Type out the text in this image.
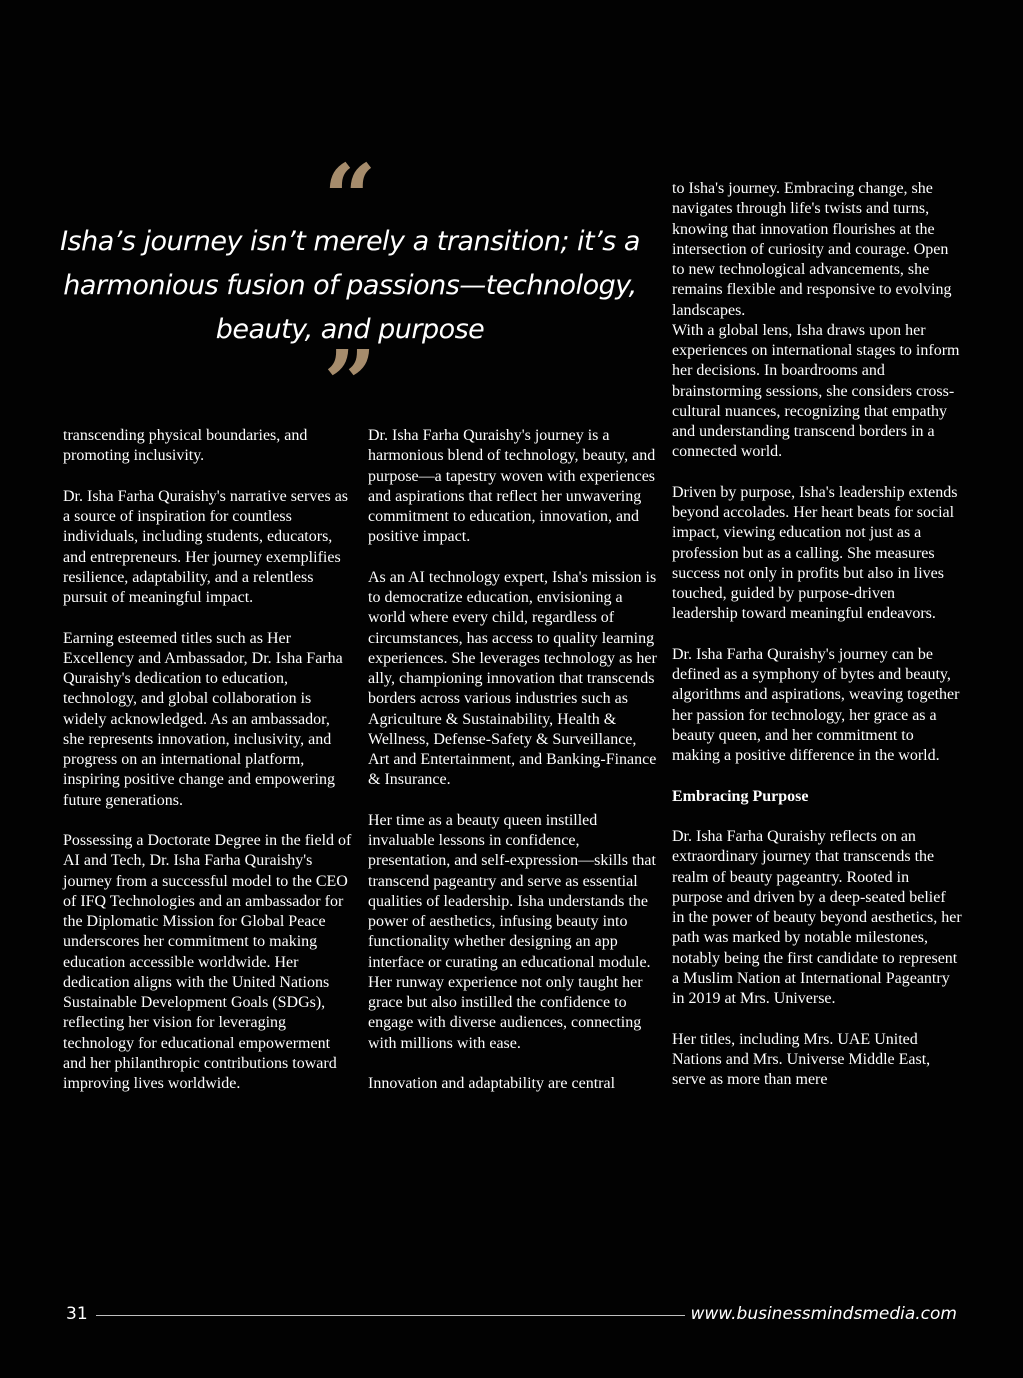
“

Isha’s journey isn’t merely a transition; it’s a harmonious fusion of passions—technology, beauty, and purpose

”

transcending physical boundaries, and promoting inclusivity.

Dr. Isha Farha Quraishy's narrative serves as a source of inspiration for countless individuals, including students, educators, and entrepreneurs. Her journey exemplifies resilience, adaptability, and a relentless pursuit of meaningful impact.

Earning esteemed titles such as Her Excellency and Ambassador, Dr. Isha Farha Quraishy's dedication to education, technology, and global collaboration is widely acknowledged. As an ambassador, she represents innovation, inclusivity, and progress on an international platform, inspiring positive change and empowering future generations.

Possessing a Doctorate Degree in the field of AI and Tech, Dr. Isha Farha Quraishy's journey from a successful model to the CEO of IFQ Technologies and an ambassador for the Diplomatic Mission for Global Peace underscores her commitment to making education accessible worldwide. Her dedication aligns with the United Nations Sustainable Development Goals (SDGs), reflecting her vision for leveraging technology for educational empowerment and her philanthropic contributions toward improving lives worldwide.

Dr. Isha Farha Quraishy's journey is a harmonious blend of technology, beauty, and purpose—a tapestry woven with experiences and aspirations that reflect her unwavering commitment to education, innovation, and positive impact.

As an AI technology expert, Isha's mission is to democratize education, envisioning a world where every child, regardless of circumstances, has access to quality learning experiences. She leverages technology as her ally, championing innovation that transcends borders across various industries such as Agriculture & Sustainability, Health & Wellness, Defense-Safety & Surveillance, Art and Entertainment, and Banking-Finance & Insurance.

Her time as a beauty queen instilled invaluable lessons in confidence, presentation, and self-expression—skills that transcend pageantry and serve as essential qualities of leadership. Isha understands the power of aesthetics, infusing beauty into functionality whether designing an app interface or curating an educational module. Her runway experience not only taught her grace but also instilled the confidence to engage with diverse audiences, connecting with millions with ease.

Innovation and adaptability are central

to Isha's journey. Embracing change, she navigates through life's twists and turns, knowing that innovation flourishes at the intersection of curiosity and courage. Open to new technological advancements, she remains flexible and responsive to evolving landscapes.

With a global lens, Isha draws upon her experiences on international stages to inform her decisions. In boardrooms and brainstorming sessions, she considers cross-cultural nuances, recognizing that empathy and understanding transcend borders in a connected world.

Driven by purpose, Isha's leadership extends beyond accolades. Her heart beats for social impact, viewing education not just as a profession but as a calling. She measures success not only in profits but also in lives touched, guided by purpose-driven leadership toward meaningful endeavors.

Dr. Isha Farha Quraishy's journey can be defined as a symphony of bytes and beauty, algorithms and aspirations, weaving together her passion for technology, her grace as a beauty queen, and her commitment to making a positive difference in the world.

Embracing Purpose

Dr. Isha Farha Quraishy reflects on an extraordinary journey that transcends the realm of beauty pageantry. Rooted in purpose and driven by a deep-seated belief in the power of beauty beyond aesthetics, her path was marked by notable milestones, notably being the first candidate to represent a Muslim Nation at International Pageantry in 2019 at Mrs. Universe.

Her titles, including Mrs. UAE United Nations and Mrs. Universe Middle East, serve as more than mere

31	www.businessmindsmedia.com
